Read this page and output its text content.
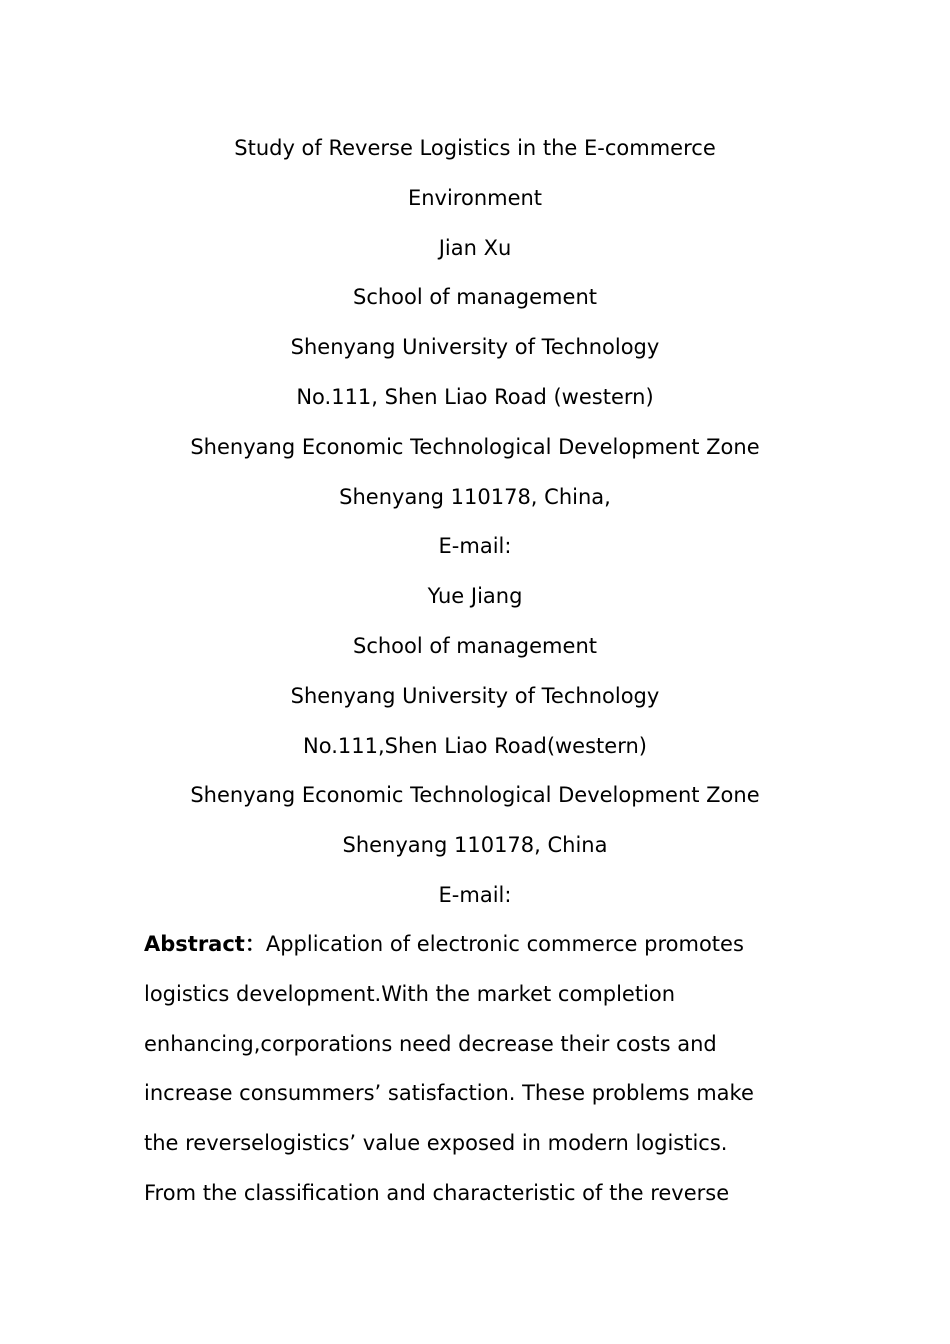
Study of Reverse Logistics in the E-commerce
Environment
Jian Xu
School of management
Shenyang University of Technology
No.111, Shen Liao Road (western)
Shenyang Economic Technological Development Zone
Shenyang 110178, China,
E-mail:
Yue Jiang
School of management
Shenyang University of Technology
No.111,Shen Liao Road(western)
Shenyang Economic Technological Development Zone
Shenyang 110178, China
E-mail:
Abstract：Application of electronic commerce promotes
logistics development.With the market completion
enhancing,corporations need decrease their costs and
increase consummers’ satisfaction. These problems make
the reverselogistics’ value exposed in modern logistics.
From the classification and characteristic of the reverse
